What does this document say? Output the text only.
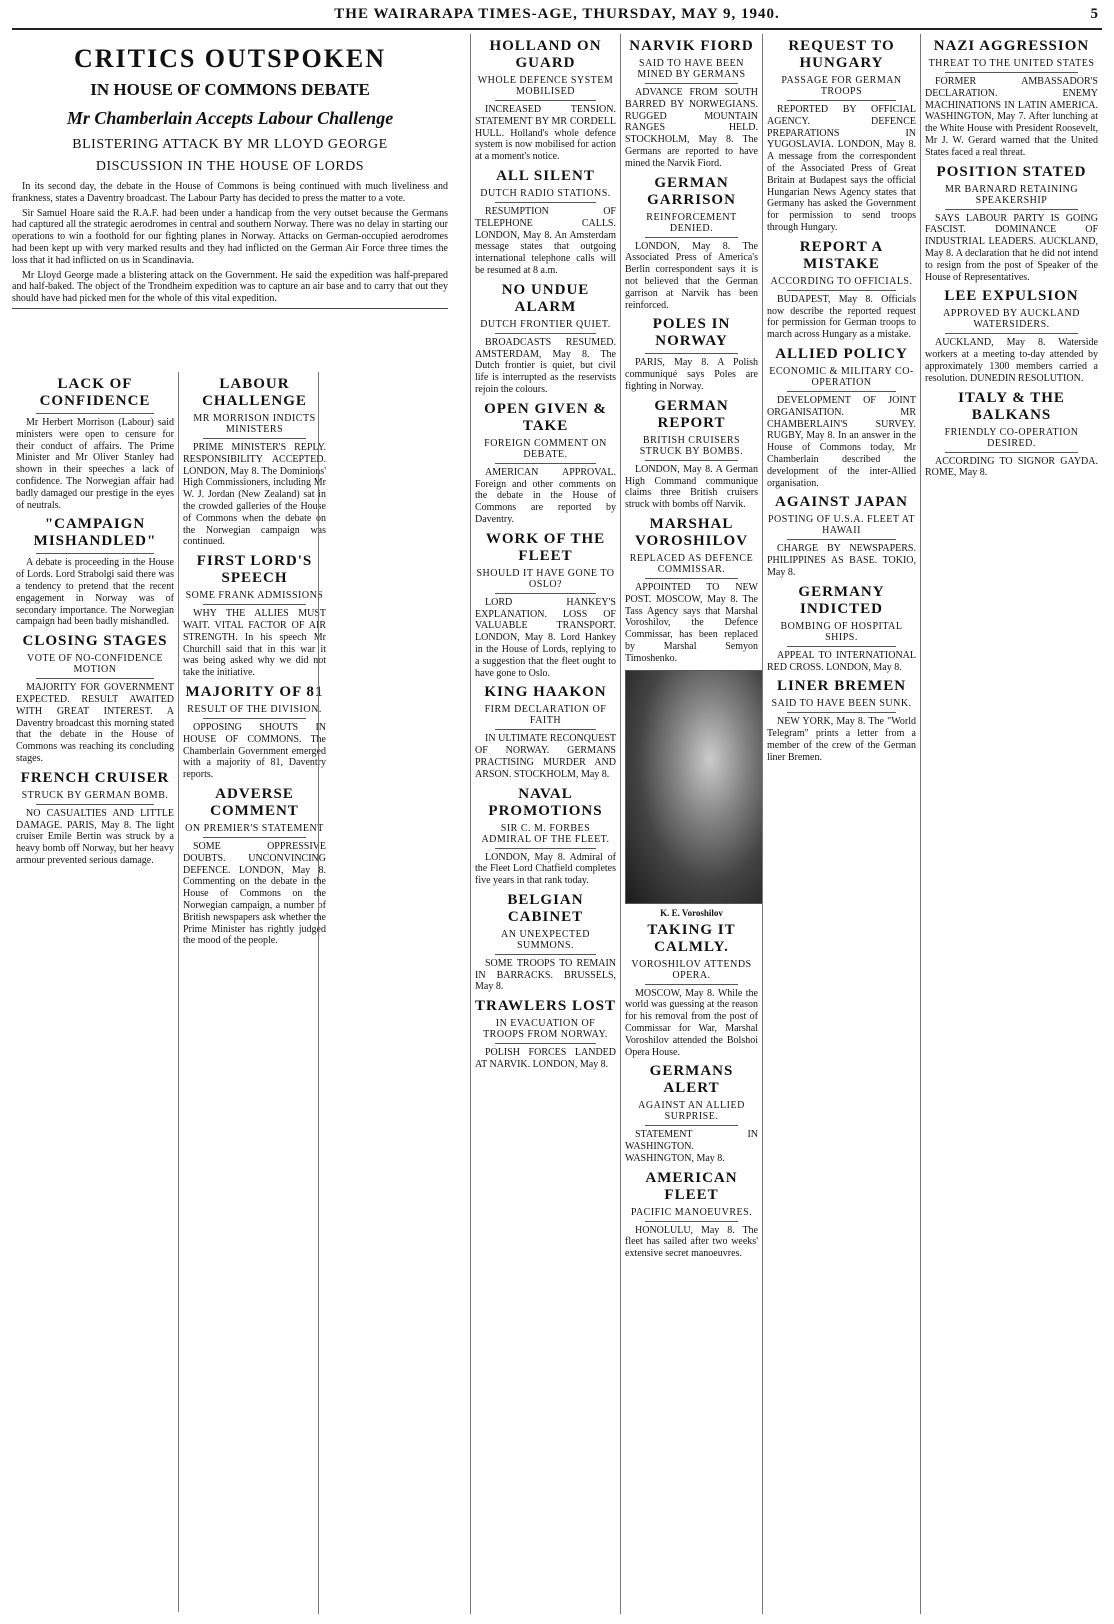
THE WAIRARAPA TIMES-AGE, THURSDAY, MAY 9, 1940.	5
CRITICS OUTSPOKEN
IN HOUSE OF COMMONS DEBATE
Mr Chamberlain Accepts Labour Challenge
BLISTERING ATTACK BY MR LLOYD GEORGE
DISCUSSION IN THE HOUSE OF LORDS

In its second day, the debate in the House of Commons is being continued with much liveliness and frankness, states a Daventry broadcast. The Labour Party has decided to press the matter to a vote.

Sir Samuel Hoare said the R.A.F. had been under a handicap from the very outset because the Germans had captured all the strategic aerodromes in central and southern Norway. There was no delay in starting our operations to win a foothold for our fighting planes in Norway. Attacks on German-occupied aerodromes had been kept up with very marked results and they had inflicted on the German Air Force three times the loss that it had inflicted on us in Scandinavia.

Mr Lloyd George made a blistering attack on the Government. He said the expedition was half-prepared and half-baked. The object of the Trondheim expedition was to capture an air base and to carry that out they should have had picked men for the whole of this vital expedition.

LACK OF CONFIDENCE

Mr Herbert Morrison (Labour) said ministers were open to censure for their conduct of affairs. The Prime Minister and Mr Oliver Stanley had shown in their speeches a lack of confidence. The Norwegian affair had badly damaged our prestige in the eyes of neutrals.

"CAMPAIGN MISHANDLED"

A debate is proceeding in the House of Lords. Lord Strabolgi said there was a tendency to pretend that the recent engagement in Norway was of secondary importance. The Norwegian campaign had been badly mishandled.

CLOSING STAGES
VOTE OF NO-CONFIDENCE MOTION

MAJORITY FOR GOVERNMENT EXPECTED. RESULT AWAITED WITH GREAT INTEREST. A Daventry broadcast this morning stated that the debate in the House of Commons was reaching its concluding stages.

FRENCH CRUISER
STRUCK BY GERMAN BOMB.

NO CASUALTIES AND LITTLE DAMAGE. PARIS, May 8. The light cruiser Emile Bertin was struck by a heavy bomb off Norway, but her heavy armour prevented serious damage.

LABOUR CHALLENGE
MR MORRISON INDICTS MINISTERS

PRIME MINISTER'S REPLY. RESPONSIBILITY ACCEPTED. LONDON, May 8. The Dominions' High Commissioners, including Mr W. J. Jordan (New Zealand) sat in the crowded galleries of the House of Commons when the debate on the Norwegian campaign was continued.

FIRST LORD'S SPEECH
SOME FRANK ADMISSIONS

WHY THE ALLIES MUST WAIT. VITAL FACTOR OF AIR STRENGTH. In his speech Mr Churchill said that in this war it was being asked why we did not take the initiative.

MAJORITY OF 81
RESULT OF THE DIVISION.

OPPOSING SHOUTS IN HOUSE OF COMMONS. The Chamberlain Government emerged with a majority of 81, Daventry reports.

ADVERSE COMMENT
ON PREMIER'S STATEMENT

SOME OPPRESSIVE DOUBTS. UNCONVINCING DEFENCE. LONDON, May 8. Commenting on the debate in the House of Commons on the Norwegian campaign, a number of British newspapers ask whether the Prime Minister has rightly judged the mood of the people.

HOLLAND ON GUARD
WHOLE DEFENCE SYSTEM MOBILISED

INCREASED TENSION. STATEMENT BY MR CORDELL HULL. Holland's whole defence system is now mobilised for action at a moment's notice.

ALL SILENT
DUTCH RADIO STATIONS.

RESUMPTION OF TELEPHONE CALLS. LONDON, May 8. An Amsterdam message states that outgoing international telephone calls will be resumed at 8 a.m.

NO UNDUE ALARM
DUTCH FRONTIER QUIET.

BROADCASTS RESUMED. AMSTERDAM, May 8. The Dutch frontier is quiet, but civil life is interrupted as the reservists rejoin the colours.

OPEN GIVEN & TAKE
FOREIGN COMMENT ON DEBATE.

AMERICAN APPROVAL. Foreign and other comments on the debate in the House of Commons are reported by Daventry.

WORK OF THE FLEET
SHOULD IT HAVE GONE TO OSLO?

LORD HANKEY'S EXPLANATION. LOSS OF VALUABLE TRANSPORT. LONDON, May 8. Lord Hankey in the House of Lords, replying to a suggestion that the fleet ought to have gone to Oslo.

KING HAAKON
FIRM DECLARATION OF FAITH

IN ULTIMATE RECONQUEST OF NORWAY. GERMANS PRACTISING MURDER AND ARSON. STOCKHOLM, May 8.

NAVAL PROMOTIONS
SIR C. M. FORBES ADMIRAL OF THE FLEET.

LONDON, May 8. Admiral of the Fleet Lord Chatfield completes five years in that rank today.

BELGIAN CABINET
AN UNEXPECTED SUMMONS.

SOME TROOPS TO REMAIN IN BARRACKS. BRUSSELS, May 8.

TRAWLERS LOST
IN EVACUATION OF TROOPS FROM NORWAY.

POLISH FORCES LANDED AT NARVIK. LONDON, May 8.

NARVIK FIORD
SAID TO HAVE BEEN MINED BY GERMANS

ADVANCE FROM SOUTH BARRED BY NORWEGIANS. RUGGED MOUNTAIN RANGES HELD. STOCKHOLM, May 8. The Germans are reported to have mined the Narvik Fiord.

GERMAN GARRISON
REINFORCEMENT DENIED.

LONDON, May 8. The Associated Press of America's Berlin correspondent says it is not believed that the German garrison at Narvik has been reinforced.

POLES IN NORWAY

PARIS, May 8. A Polish communiqué says Poles are fighting in Norway.

GERMAN REPORT
BRITISH CRUISERS STRUCK BY BOMBS.

LONDON, May 8. A German High Command communique claims three British cruisers struck with bombs off Narvik.

MARSHAL VOROSHILOV
REPLACED AS DEFENCE COMMISSAR.

APPOINTED TO NEW POST. MOSCOW, May 8. The Tass Agency says that Marshal Voroshilov, the Defence Commissar, has been replaced by Marshal Semyon Timoshenko.

K. E. Voroshilov
TAKING IT CALMLY.
VOROSHILOV ATTENDS OPERA.

MOSCOW, May 8. While the world was guessing at the reason for his removal from the post of Commissar for War, Marshal Voroshilov attended the Bolshoi Opera House.

GERMANS ALERT
AGAINST AN ALLIED SURPRISE.

STATEMENT IN WASHINGTON. WASHINGTON, May 8.

AMERICAN FLEET
PACIFIC MANOEUVRES.

HONOLULU, May 8. The fleet has sailed after two weeks' extensive secret manoeuvres.

REQUEST TO HUNGARY
PASSAGE FOR GERMAN TROOPS

REPORTED BY OFFICIAL AGENCY. DEFENCE PREPARATIONS IN YUGOSLAVIA. LONDON, May 8. A message from the correspondent of the Associated Press of Great Britain at Budapest says the official Hungarian News Agency states that Germany has asked the Government for permission to send troops through Hungary.

REPORT A MISTAKE
ACCORDING TO OFFICIALS.

BUDAPEST, May 8. Officials now describe the reported request for permission for German troops to march across Hungary as a mistake.

ALLIED POLICY
ECONOMIC & MILITARY CO-OPERATION

DEVELOPMENT OF JOINT ORGANISATION. MR CHAMBERLAIN'S SURVEY. RUGBY, May 8. In an answer in the House of Commons today, Mr Chamberlain described the development of the inter-Allied organisation.

AGAINST JAPAN
POSTING OF U.S.A. FLEET AT HAWAII

CHARGE BY NEWSPAPERS. PHILIPPINES AS BASE. TOKIO, May 8.

GERMANY INDICTED
BOMBING OF HOSPITAL SHIPS.

APPEAL TO INTERNATIONAL RED CROSS. LONDON, May 8.

LINER BREMEN
SAID TO HAVE BEEN SUNK.

NEW YORK, May 8. The "World Telegram" prints a letter from a member of the crew of the German liner Bremen.

NAZI AGGRESSION
THREAT TO THE UNITED STATES

FORMER AMBASSADOR'S DECLARATION. ENEMY MACHINATIONS IN LATIN AMERICA. WASHINGTON, May 7. After lunching at the White House with President Roosevelt, Mr J. W. Gerard warned that the United States faced a real threat.

POSITION STATED
MR BARNARD RETAINING SPEAKERSHIP

SAYS LABOUR PARTY IS GOING FASCIST. DOMINANCE OF INDUSTRIAL LEADERS. AUCKLAND, May 8. A declaration that he did not intend to resign from the post of Speaker of the House of Representatives.

LEE EXPULSION
APPROVED BY AUCKLAND WATERSIDERS.

AUCKLAND, May 8. Waterside workers at a meeting to-day attended by approximately 1300 members carried a resolution. DUNEDIN RESOLUTION.

ITALY & THE BALKANS
FRIENDLY CO-OPERATION DESIRED.

ACCORDING TO SIGNOR GAYDA. ROME, May 8.
